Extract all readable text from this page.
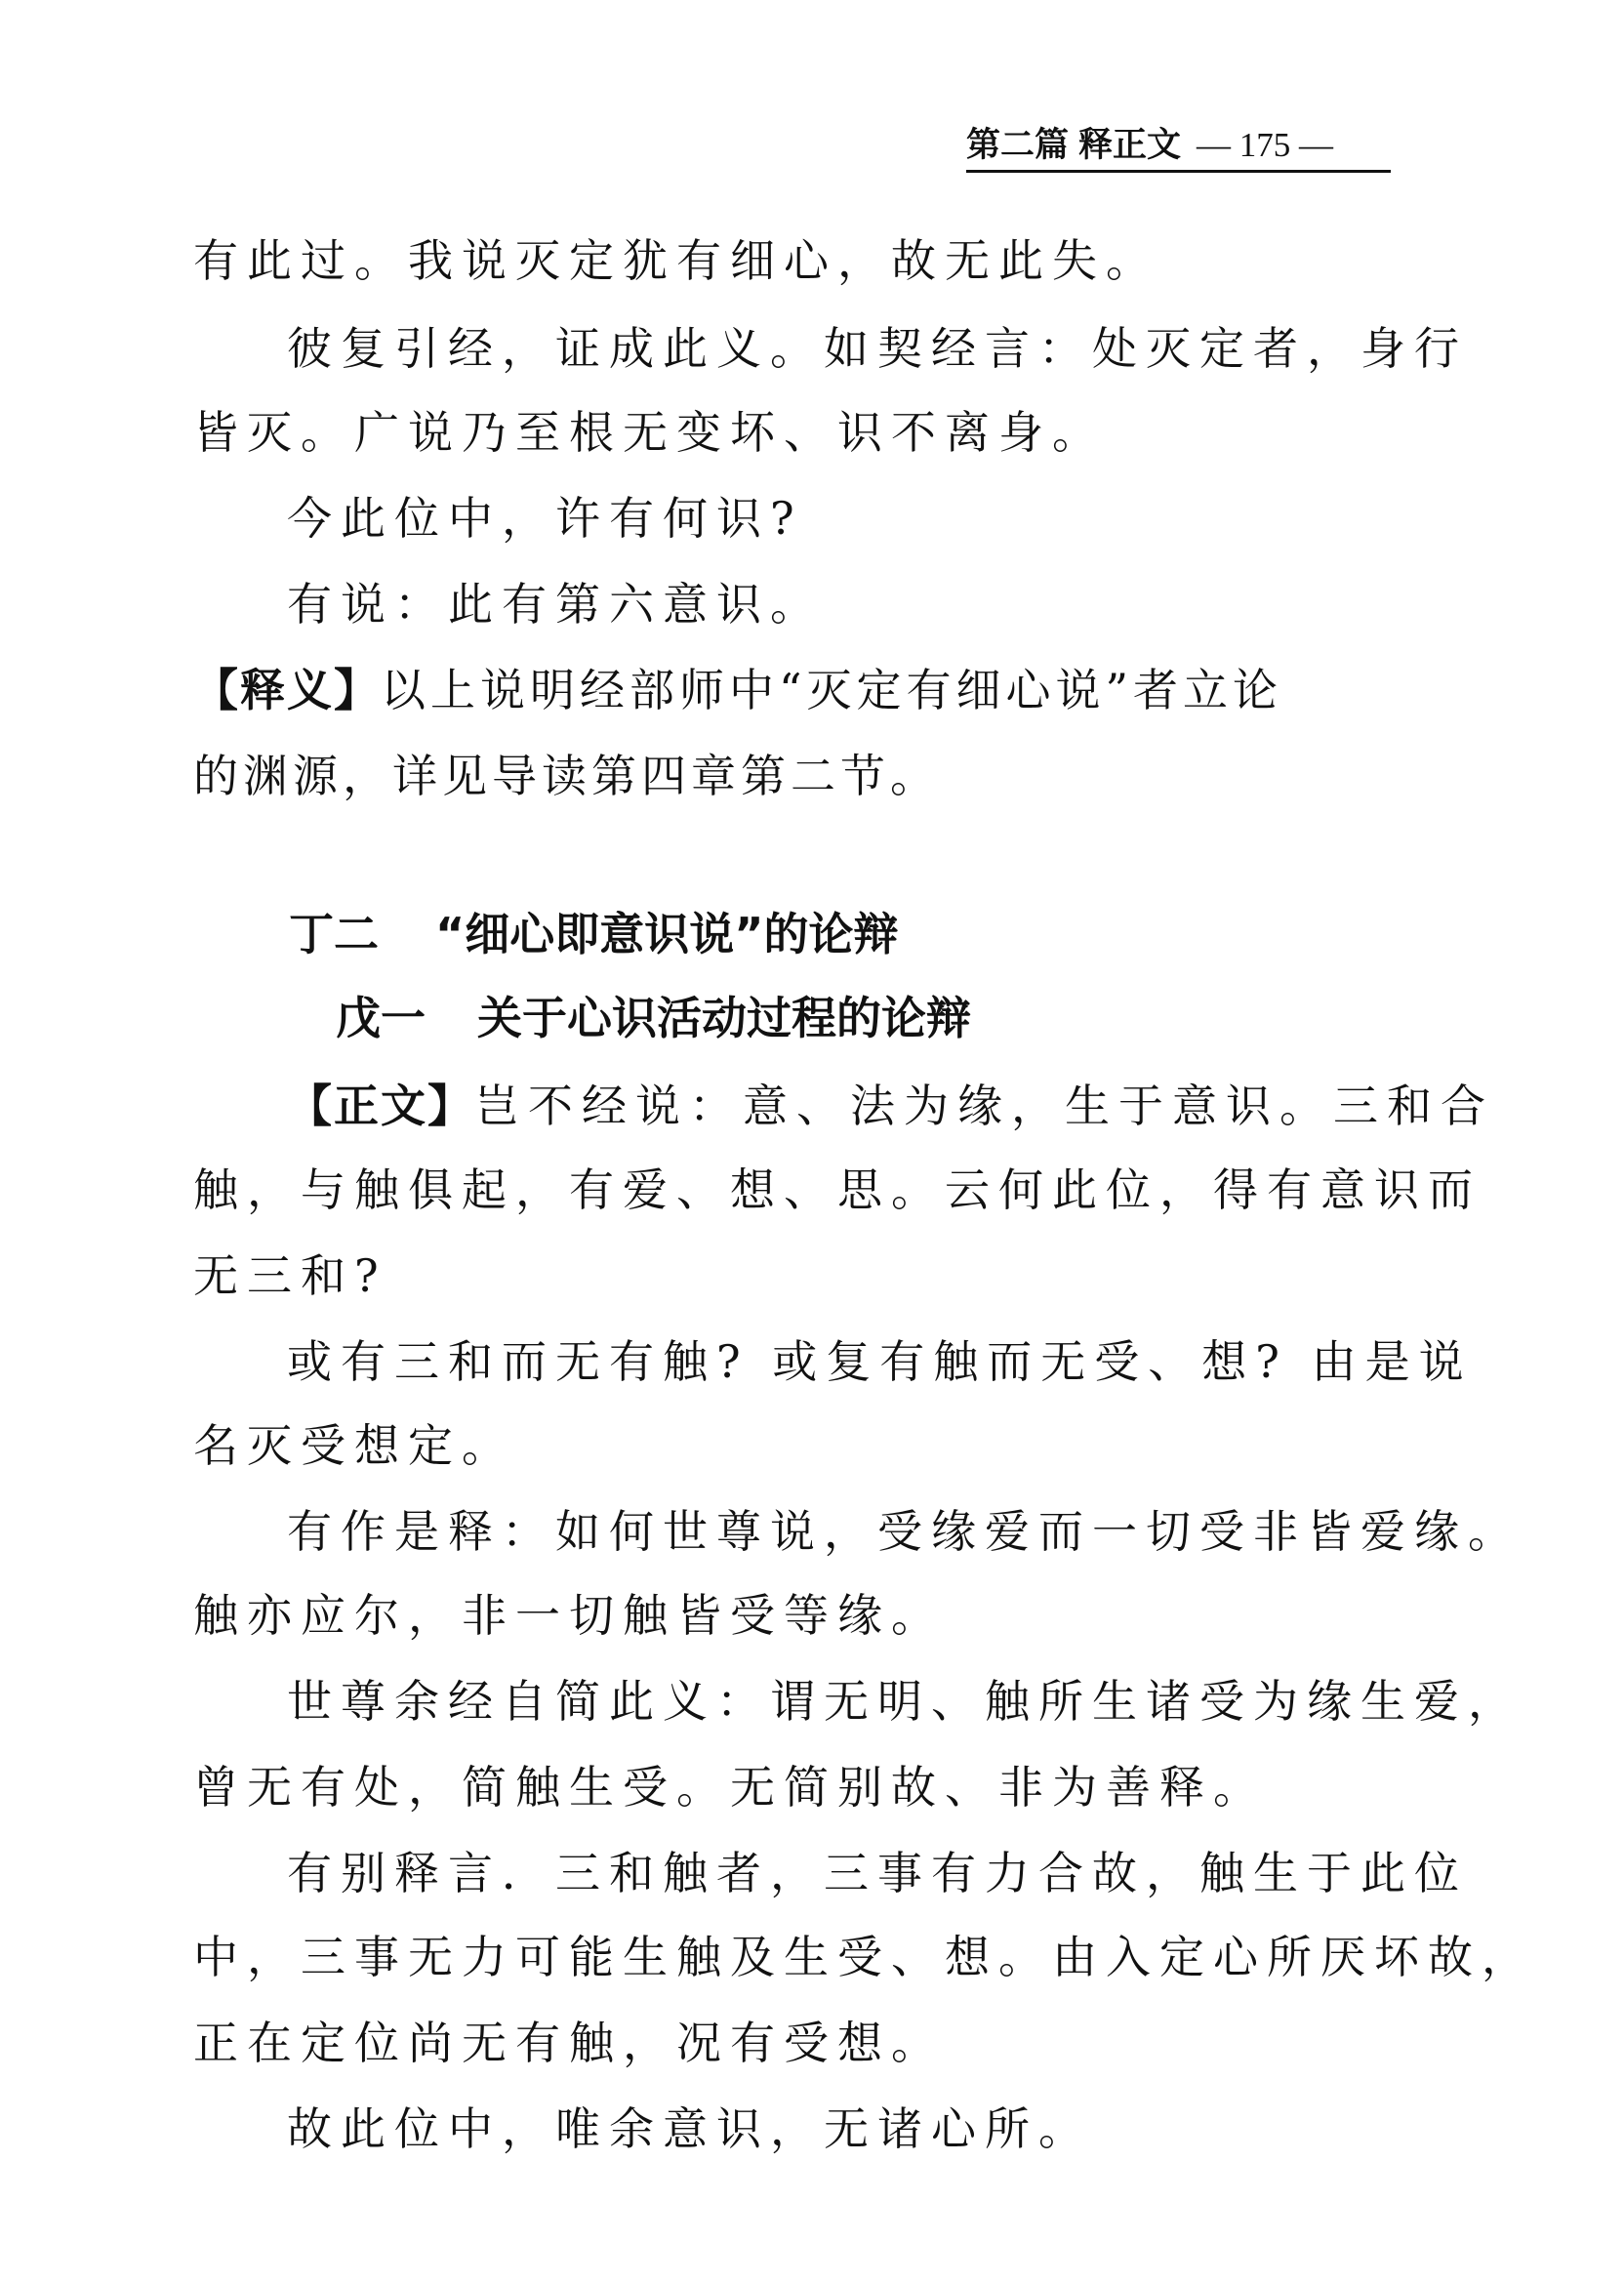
第二篇 释正文 — 175 —
有此过。我说灭定犹有细心，故无此失。
彼复引经，证成此义。如契经言：处灭定者，身行
皆灭。广说乃至根无变坏、识不离身。
今此位中，许有何识?
有说：此有第六意识。
【释义】以上说明经部师中“灭定有细心说”者立论
的渊源，详见导读第四章第二节。
丁二 “细心即意识说”的论辩
戊一 关于心识活动过程的论辩
【正文】岂不经说：意、法为缘，生于意识。三和合
触，与触俱起，有爱、想、思。云何此位，得有意识而
无三和?
或有三和而无有触? 或复有触而无受、想? 由是说
名灭受想定。
有作是释：如何世尊说，受缘爱而一切受非皆爱缘。
触亦应尔，非一切触皆受等缘。
世尊余经自简此义：谓无明、触所生诸受为缘生爱，
曾无有处，简触生受。无简别故、非为善释。
有别释言．三和触者，三事有力合故，触生于此位
中，三事无力可能生触及生受、想。由入定心所厌坏故，
正在定位尚无有触，况有受想。
故此位中，唯余意识，无诸心所。
